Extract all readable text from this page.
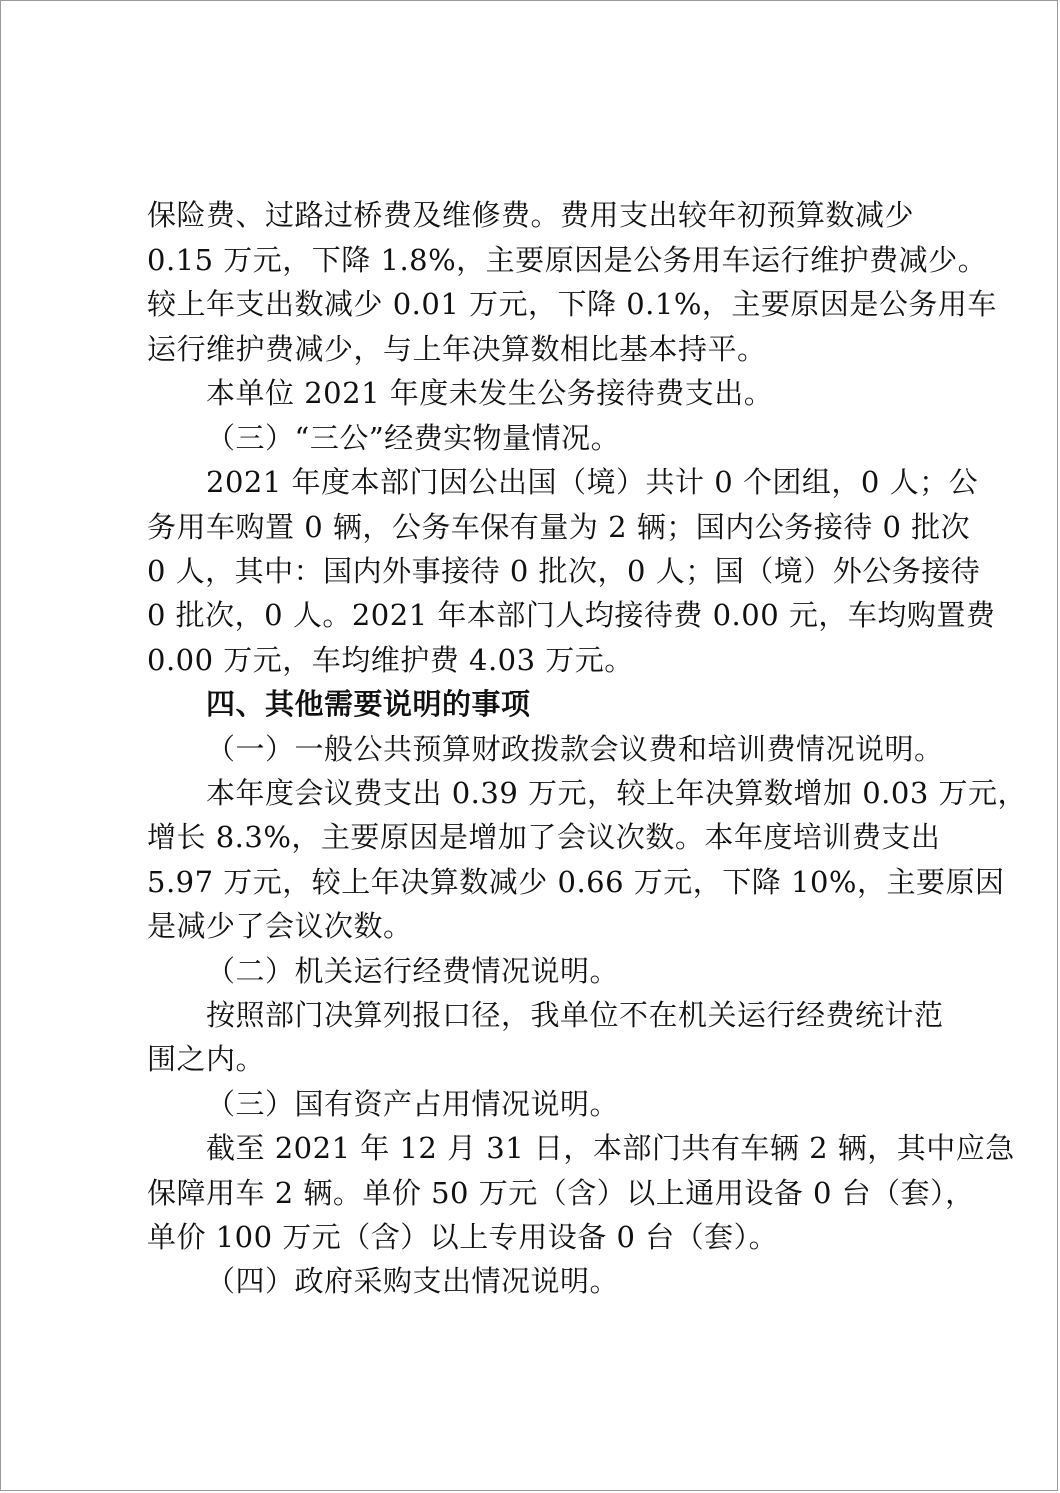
保险费、过路过桥费及维修费。费用支出较年初预算数减少
0.15 万元，下降 1.8%，主要原因是公务用车运行维护费减少。
较上年支出数减少 0.01 万元，下降 0.1%，主要原因是公务用车
运行维护费减少，与上年决算数相比基本持平。
本单位 2021 年度未发生公务接待费支出。
（三）“三公”经费实物量情况。
2021 年度本部门因公出国（境）共计 0 个团组，0 人；公
务用车购置 0 辆，公务车保有量为 2 辆；国内公务接待 0 批次
0 人，其中：国内外事接待 0 批次，0 人；国（境）外公务接待
0 批次，0 人。2021 年本部门人均接待费 0.00 元，车均购置费
0.00 万元，车均维护费 4.03 万元。
四、其他需要说明的事项
（一）一般公共预算财政拨款会议费和培训费情况说明。
本年度会议费支出 0.39 万元，较上年决算数增加 0.03 万元，
增长 8.3%，主要原因是增加了会议次数。本年度培训费支出
5.97 万元，较上年决算数减少 0.66 万元，下降 10%，主要原因
是减少了会议次数。
（二）机关运行经费情况说明。
按照部门决算列报口径，我单位不在机关运行经费统计范
围之内。
（三）国有资产占用情况说明。
截至 2021 年 12 月 31 日，本部门共有车辆 2 辆，其中应急
保障用车 2 辆。单价 50 万元（含）以上通用设备 0 台（套），
单价 100 万元（含）以上专用设备 0 台（套）。
（四）政府采购支出情况说明。
